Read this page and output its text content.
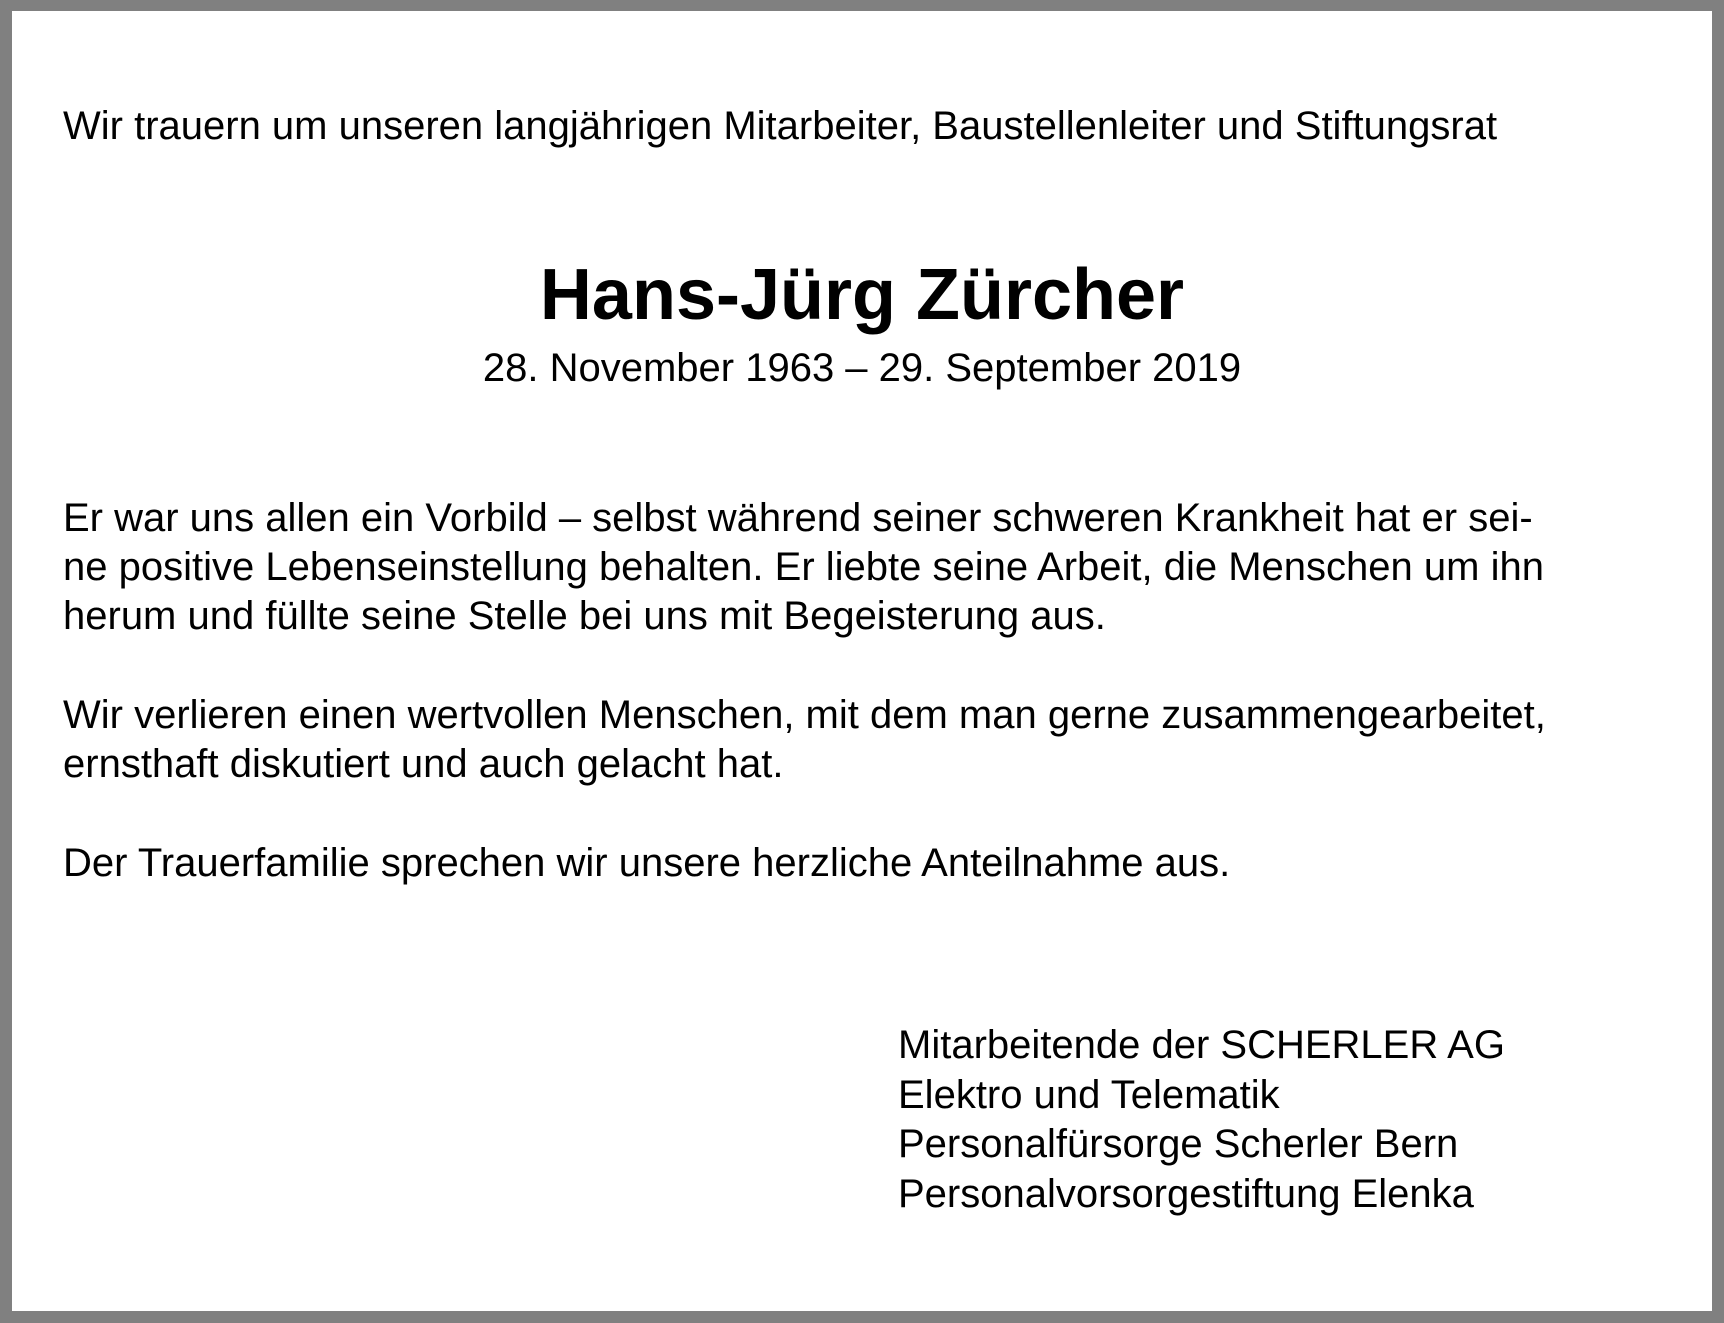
Wir trauern um unseren langjährigen Mitarbeiter, Baustellenleiter und Stiftungsrat

Hans-Jürg Zürcher

28. November 1963 – 29. September 2019

Er war uns allen ein Vorbild – selbst während seiner schweren Krankheit hat er sei-
ne positive Lebenseinstellung behalten. Er liebte seine Arbeit, die Menschen um ihn
herum und füllte seine Stelle bei uns mit Begeisterung aus.

Wir verlieren einen wertvollen Menschen, mit dem man gerne zusammengearbeitet,
ernsthaft diskutiert und auch gelacht hat.

Der Trauerfamilie sprechen wir unsere herzliche Anteilnahme aus.

Mitarbeitende der SCHERLER AG
Elektro und Telematik
Personalfürsorge Scherler Bern
Personalvorsorgestiftung Elenka
